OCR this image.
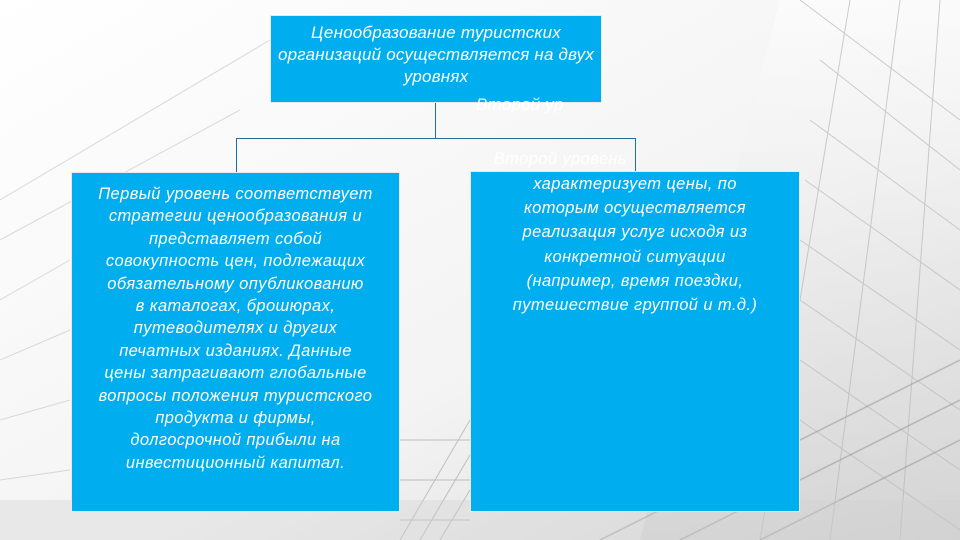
Ценообразование туристских организаций осуществляется на двух уровнях
Второй ур
Первый уровень соответствует
стратегии ценообразования и
представляет собой
совокупность цен, подлежащих
обязательному опубликованию
в каталогах, брошюрах,
путеводителях и других
печатных изданиях. Данные
цены затрагивают глобальные
вопросы положения туристского
продукта и фирмы,
долгосрочной прибыли на
инвестиционный капитал.
Второй уровень
характеризует цены, по
которым осуществляется
реализация услуг исходя из
конкретной ситуации
(например, время поездки,
путешествие группой и т.д.)
